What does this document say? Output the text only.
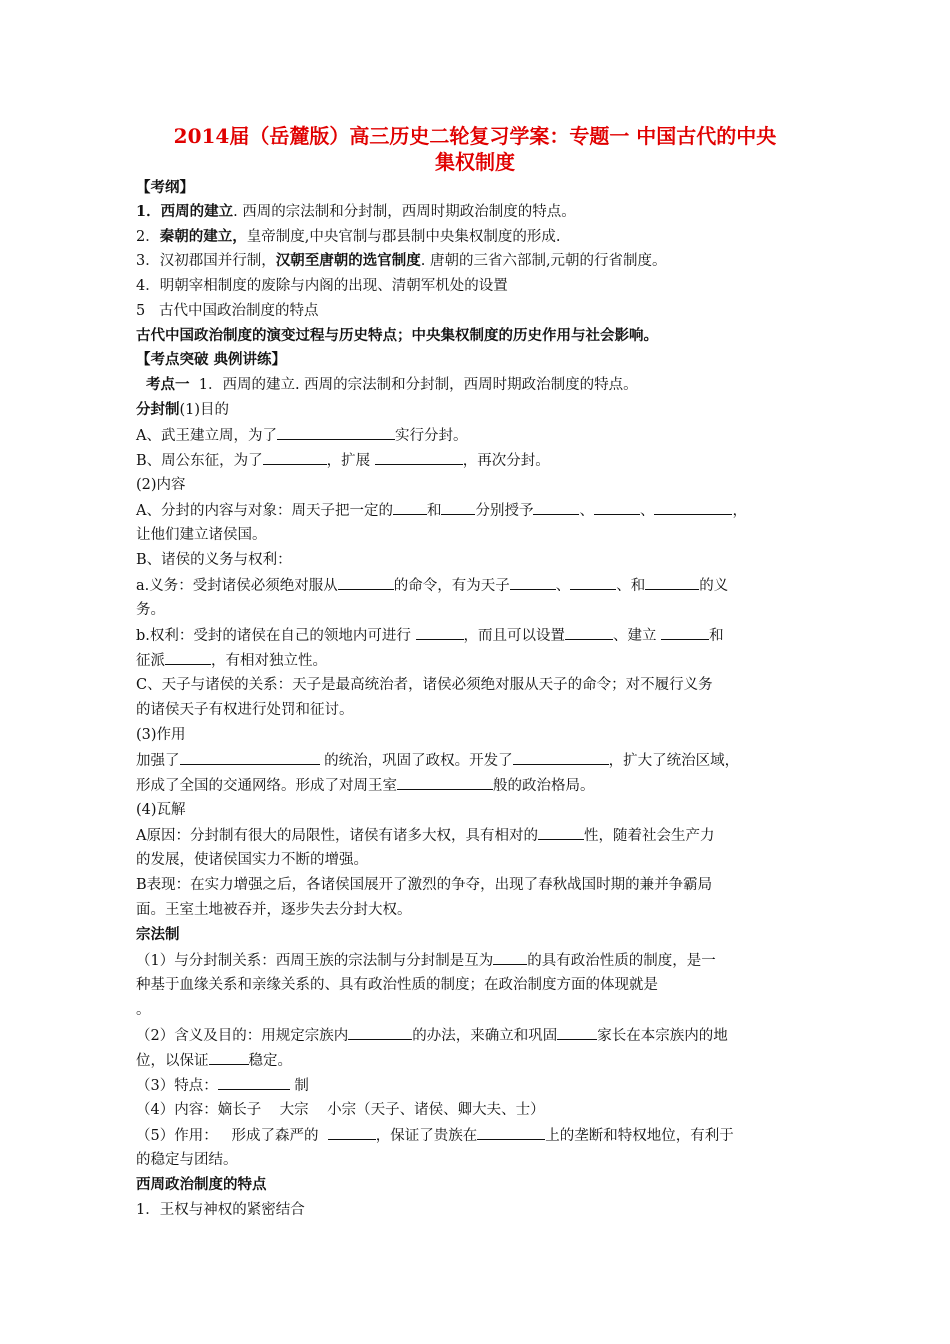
2014届（岳麓版）高三历史二轮复习学案：专题一 中国古代的中央
集权制度
【考纲】
1．西周的建立. 西周的宗法制和分封制，西周时期政治制度的特点。
2．秦朝的建立，皇帝制度,中央官制与郡县制中央集权制度的形成.
3．汉初郡国并行制，汉朝至唐朝的选官制度. 唐朝的三省六部制,元朝的行省制度。
4．明朝宰相制度的废除与内阁的出现、清朝军机处的设置
5   古代中国政治制度的特点
古代中国政治制度的演变过程与历史特点；中央集权制度的历史作用与社会影响。
【考点突破 典例讲练】
考点一  1．西周的建立. 西周的宗法制和分封制，西周时期政治制度的特点。
分封制(1)目的
A、武王建立周，为了	实行分封。
B、周公东征，为了	，扩展	，再次分封。
(2)内容
A、分封的内容与对象：周天子把一定的 和 分别授予	、	、	，
让他们建立诸侯国。
B、诸侯的义务与权利：
a.义务：受封诸侯必须绝对服从	的命令，有为天子	、	、和	的义
务。
b.权利：受封的诸侯在自己的领地内可进行	，而且可以设置	、建立	和
征派	，有相对独立性。
C、天子与诸侯的关系：天子是最高统治者，诸侯必须绝对服从天子的命令；对不履行义务
的诸侯天子有权进行处罚和征讨。
(3)作用
加强了	的统治，巩固了政权。开发了	，扩大了统治区域，
形成了全国的交通网络。形成了对周王室	般的政治格局。
(4)瓦解
A原因：分封制有很大的局限性，诸侯有诸多大权，具有相对的	性，随着社会生产力
的发展，使诸侯国实力不断的增强。
B表现：在实力增强之后，各诸侯国展开了激烈的争夺，出现了春秋战国时期的兼并争霸局
面。王室土地被吞并，逐步失去分封大权。
宗法制
（1）与分封制关系：西周王族的宗法制与分封制是互为 的具有政治性质的制度，是一
种基于血缘关系和亲缘关系的、具有政治性质的制度；在政治制度方面的体现就是
。
（2）含义及目的：用规定宗族内	的办法，来确立和巩固	家长在本宗族内的地
位，以保证	稳定。
（3）特点：	制
（4）内容：嫡长子    大宗    小宗（天子、诸侯、卿大夫、士）
（5）作用：   形成了森严的	，保证了贵族在	上的垄断和特权地位，有利于
的稳定与团结。
西周政治制度的特点
1．王权与神权的紧密结合
